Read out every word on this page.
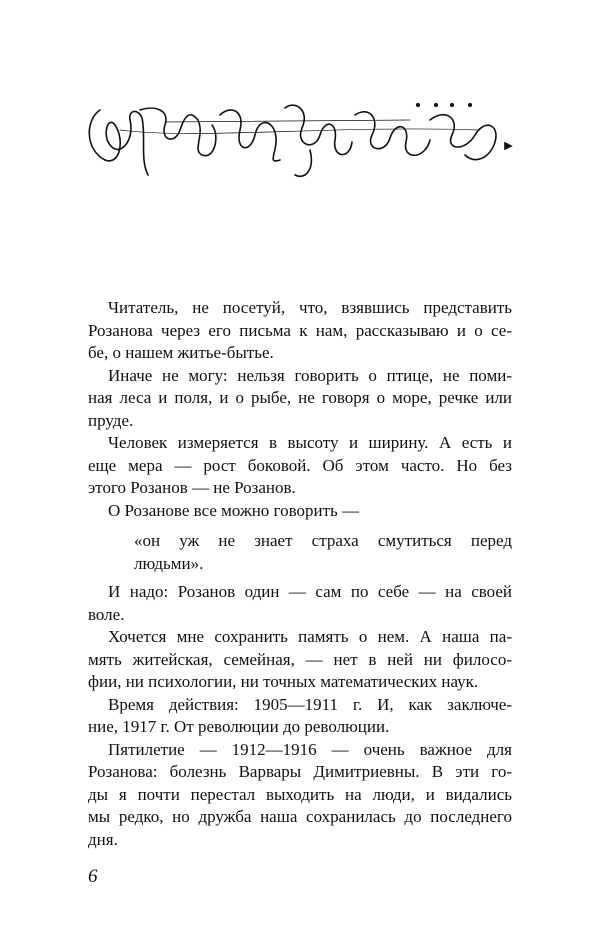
Читатель, не посетуй, что, взявшись представить
Розанова через его письма к нам, рассказываю и о се-
бе, о нашем житье-бытье.
Иначе не могу: нельзя говорить о птице, не поми-
ная леса и поля, и о рыбе, не говоря о море, речке или
пруде.
Человек измеряется в высоту и ширину. А есть и
еще мера — рост боковой. Об этом часто. Но без
этого Розанов — не Розанов.
О Розанове все можно говорить —
«он уж не знает страха смутиться перед
людьми».
И надо: Розанов один — сам по себе — на своей
воле.
Хочется мне сохранить память о нем. А наша па-
мять житейская, семейная, — нет в ней ни филосо-
фии, ни психологии, ни точных математических наук.
Время действия: 1905—1911 г. И, как заключе-
ние, 1917 г. От революции до революции.
Пятилетие — 1912—1916 — очень важное для
Розанова: болезнь Варвары Димитриевны. В эти го-
ды я почти перестал выходить на люди, и видались
мы редко, но дружба наша сохранилась до последнего
дня.
6
